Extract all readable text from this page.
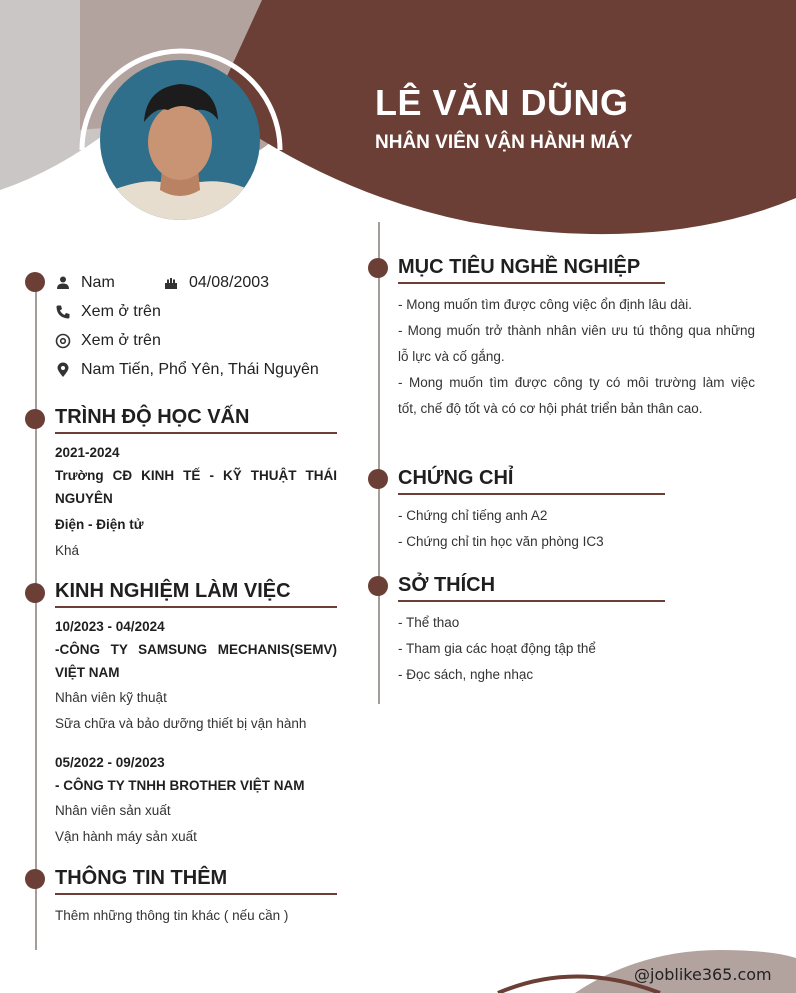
LÊ VĂN DŨNG
NHÂN VIÊN VẬN HÀNH MÁY
Nam	04/08/2003
Xem ở trên
Xem ở trên
Nam Tiến, Phổ Yên, Thái Nguyên
TRÌNH ĐỘ HỌC VẤN
2021-2024
Trường CĐ KINH TẾ - KỸ THUẬT THÁI
NGUYÊN
Điện - Điện tử
Khá
KINH NGHIỆM LÀM VIỆC
10/2023 - 04/2024
-CÔNG TY SAMSUNG MECHANIS(SEMV)
VIỆT NAM
Nhân viên kỹ thuật
Sữa chữa và bảo dưỡng thiết bị vận hành
05/2022 - 09/2023
- CÔNG TY TNHH BROTHER VIỆT NAM
Nhân viên sản xuất
Vận hành máy sản xuất
THÔNG TIN THÊM
Thêm những thông tin khác ( nếu cần )
MỤC TIÊU NGHỀ NGHIỆP
- Mong muốn tìm được công việc ổn định lâu dài.
- Mong muốn trở thành nhân viên ưu tú thông qua những
lỗ lực và cố gắng.
- Mong muốn tìm được công ty có môi trường làm việc
tốt, chế độ tốt và có cơ hội phát triển bản thân cao.
CHỨNG CHỈ
- Chứng chỉ tiếng anh A2
- Chứng chỉ tin học văn phòng IC3
SỞ THÍCH
- Thể thao
- Tham gia các hoạt động tập thể
- Đọc sách, nghe nhạc
@joblike365.com
